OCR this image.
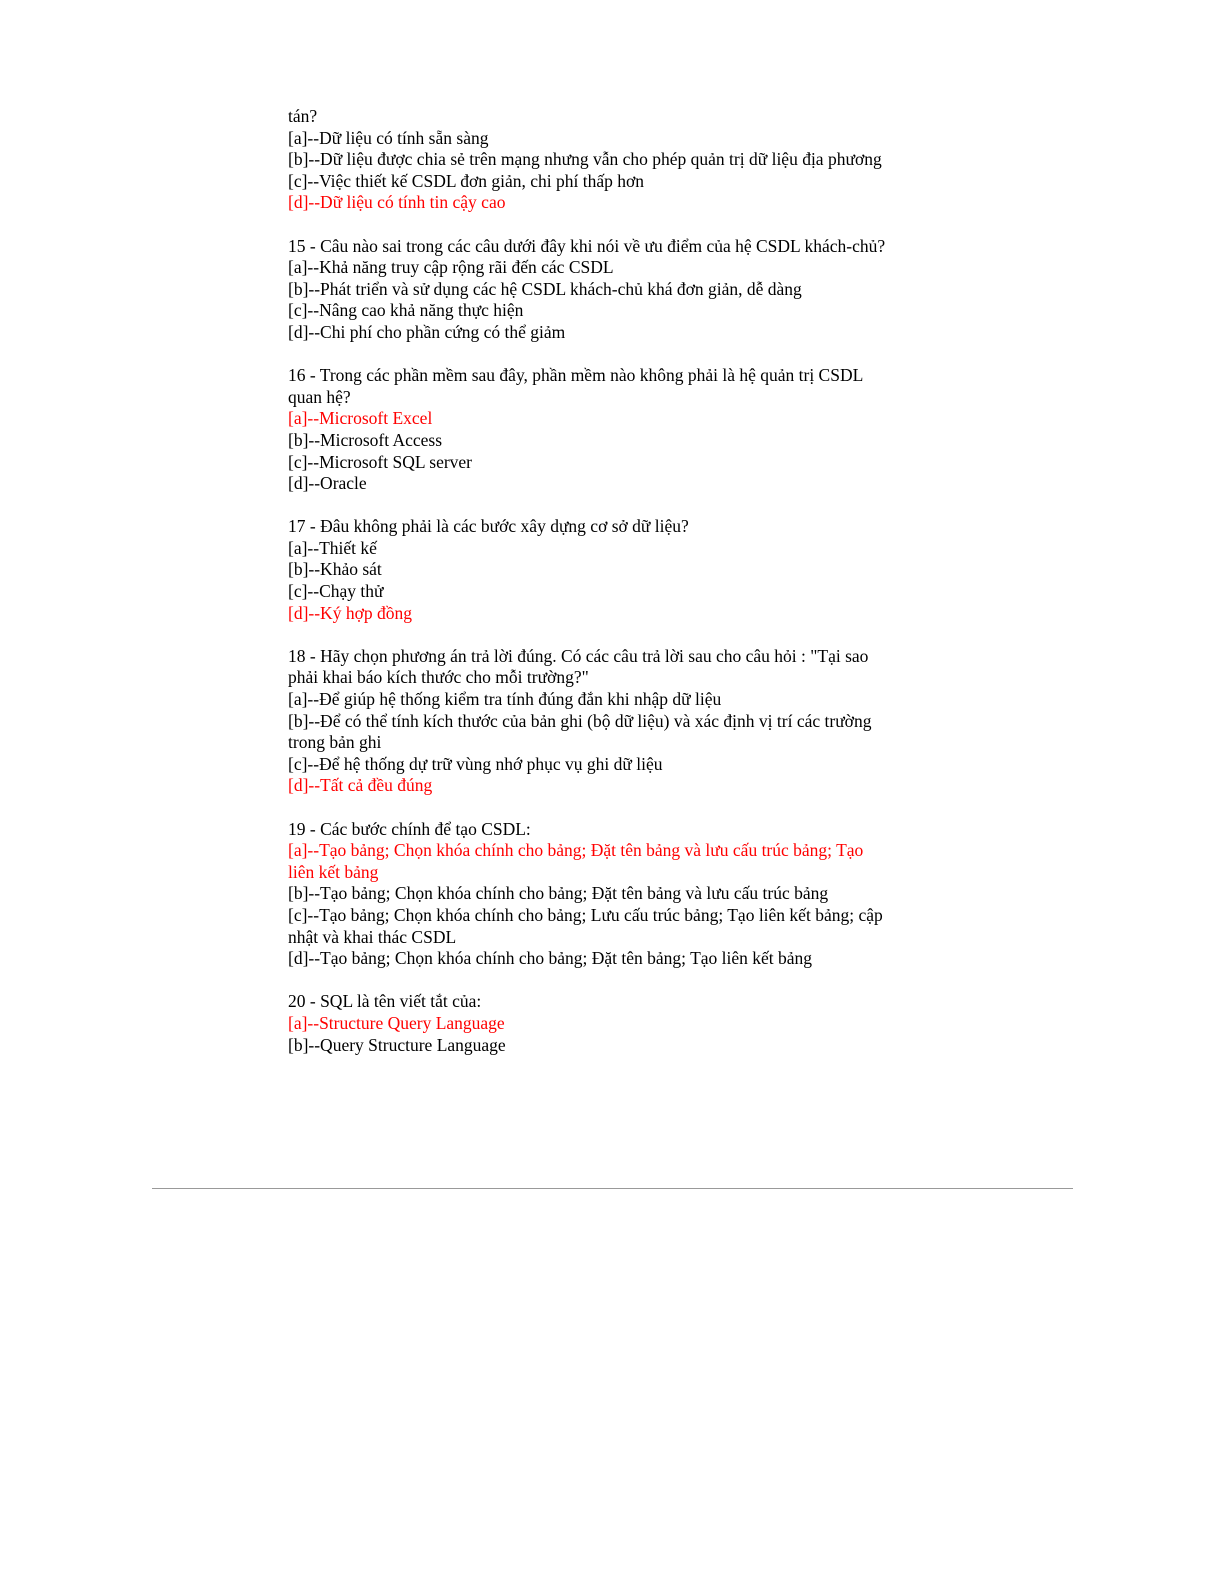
tán?
[a]--Dữ liệu có tính sẵn sàng
[b]--Dữ liệu được chia sẻ trên mạng nhưng vẫn cho phép quản trị dữ liệu địa phương
[c]--Việc thiết kế CSDL đơn giản, chi phí thấp hơn
[d]--Dữ liệu có tính tin cậy cao
15 - Câu nào sai trong các câu dưới đây khi nói về ưu điểm của hệ CSDL khách-chủ?
[a]--Khả năng truy cập rộng rãi đến các CSDL
[b]--Phát triển và sử dụng các hệ CSDL khách-chủ khá đơn giản, dễ dàng
[c]--Nâng cao khả năng thực hiện
[d]--Chi phí cho phần cứng có thể giảm
16 - Trong các phần mềm sau đây, phần mềm nào không phải là hệ quản trị CSDL
quan hệ?
[a]--Microsoft Excel
[b]--Microsoft Access
[c]--Microsoft SQL server
[d]--Oracle
17 - Đâu không phải là các bước xây dựng cơ sở dữ liệu?
[a]--Thiết kế
[b]--Khảo sát
[c]--Chạy thử
[d]--Ký hợp đồng
18 - Hãy chọn phương án trả lời đúng. Có các câu trả lời sau cho câu hỏi : "Tại sao
phải khai báo kích thước cho mỗi trường?"
[a]--Để giúp hệ thống kiểm tra tính đúng đắn khi nhập dữ liệu
[b]--Để có thể tính kích thước của bản ghi (bộ dữ liệu) và xác định vị trí các trường
trong bản ghi
[c]--Để hệ thống dự trữ vùng nhớ phục vụ ghi dữ liệu
[d]--Tất cả đều đúng
19 - Các bước chính để tạo CSDL:
[a]--Tạo bảng; Chọn khóa chính cho bảng; Đặt tên bảng và lưu cấu trúc bảng; Tạo
liên kết bảng
[b]--Tạo bảng; Chọn khóa chính cho bảng; Đặt tên bảng và lưu cấu trúc bảng
[c]--Tạo bảng; Chọn khóa chính cho bảng; Lưu cấu trúc bảng; Tạo liên kết bảng; cập
nhật và khai thác CSDL
[d]--Tạo bảng; Chọn khóa chính cho bảng; Đặt tên bảng; Tạo liên kết bảng
20 - SQL là tên viết tắt của:
[a]--Structure Query Language
[b]--Query Structure Language
